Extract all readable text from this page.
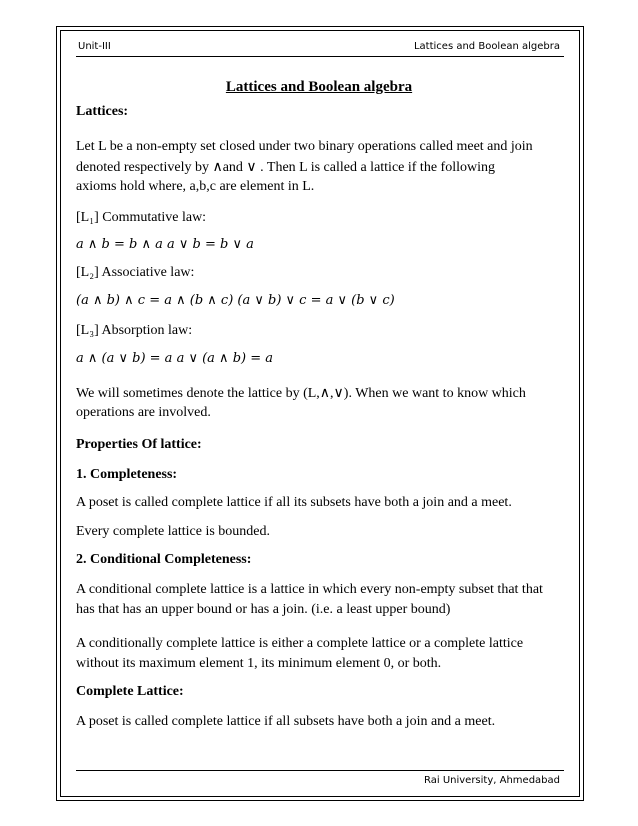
Unit-III	Lattices and Boolean algebra
Lattices and Boolean algebra
Lattices:
Let L be a non-empty set closed under two binary operations called meet and join
denoted respectively by ∧and ∨ . Then L is called a lattice if the following
axioms hold where, a,b,c are element in L.
[L₁] Commutative law:
a ∧ b = b ∧ a a ∨ b = b ∨ a
[L₂] Associative law:
(a ∧ b) ∧ c = a ∧ (b ∧ c) (a ∨ b) ∨ c = a ∨ (b ∨ c)
[L₃] Absorption law:
a ∧ (a ∨ b) = a a ∨ (a ∧ b) = a
We will sometimes denote the lattice by (L,∧,∨). When we want to know which
operations are involved.
Properties Of lattice:
1. Completeness:
A poset is called complete lattice if all its subsets have both a join and a meet.
Every complete lattice is bounded.
2. Conditional Completeness:
A conditional complete lattice is a lattice in which every non-empty subset that that
has that has an upper bound or has a join. (i.e. a least upper bound)
A conditionally complete lattice is either a complete lattice or a complete lattice
without its maximum element 1, its minimum element 0, or both.
Complete Lattice:
A poset is called complete lattice if all subsets have both a join and a meet.
Rai University, Ahmedabad
